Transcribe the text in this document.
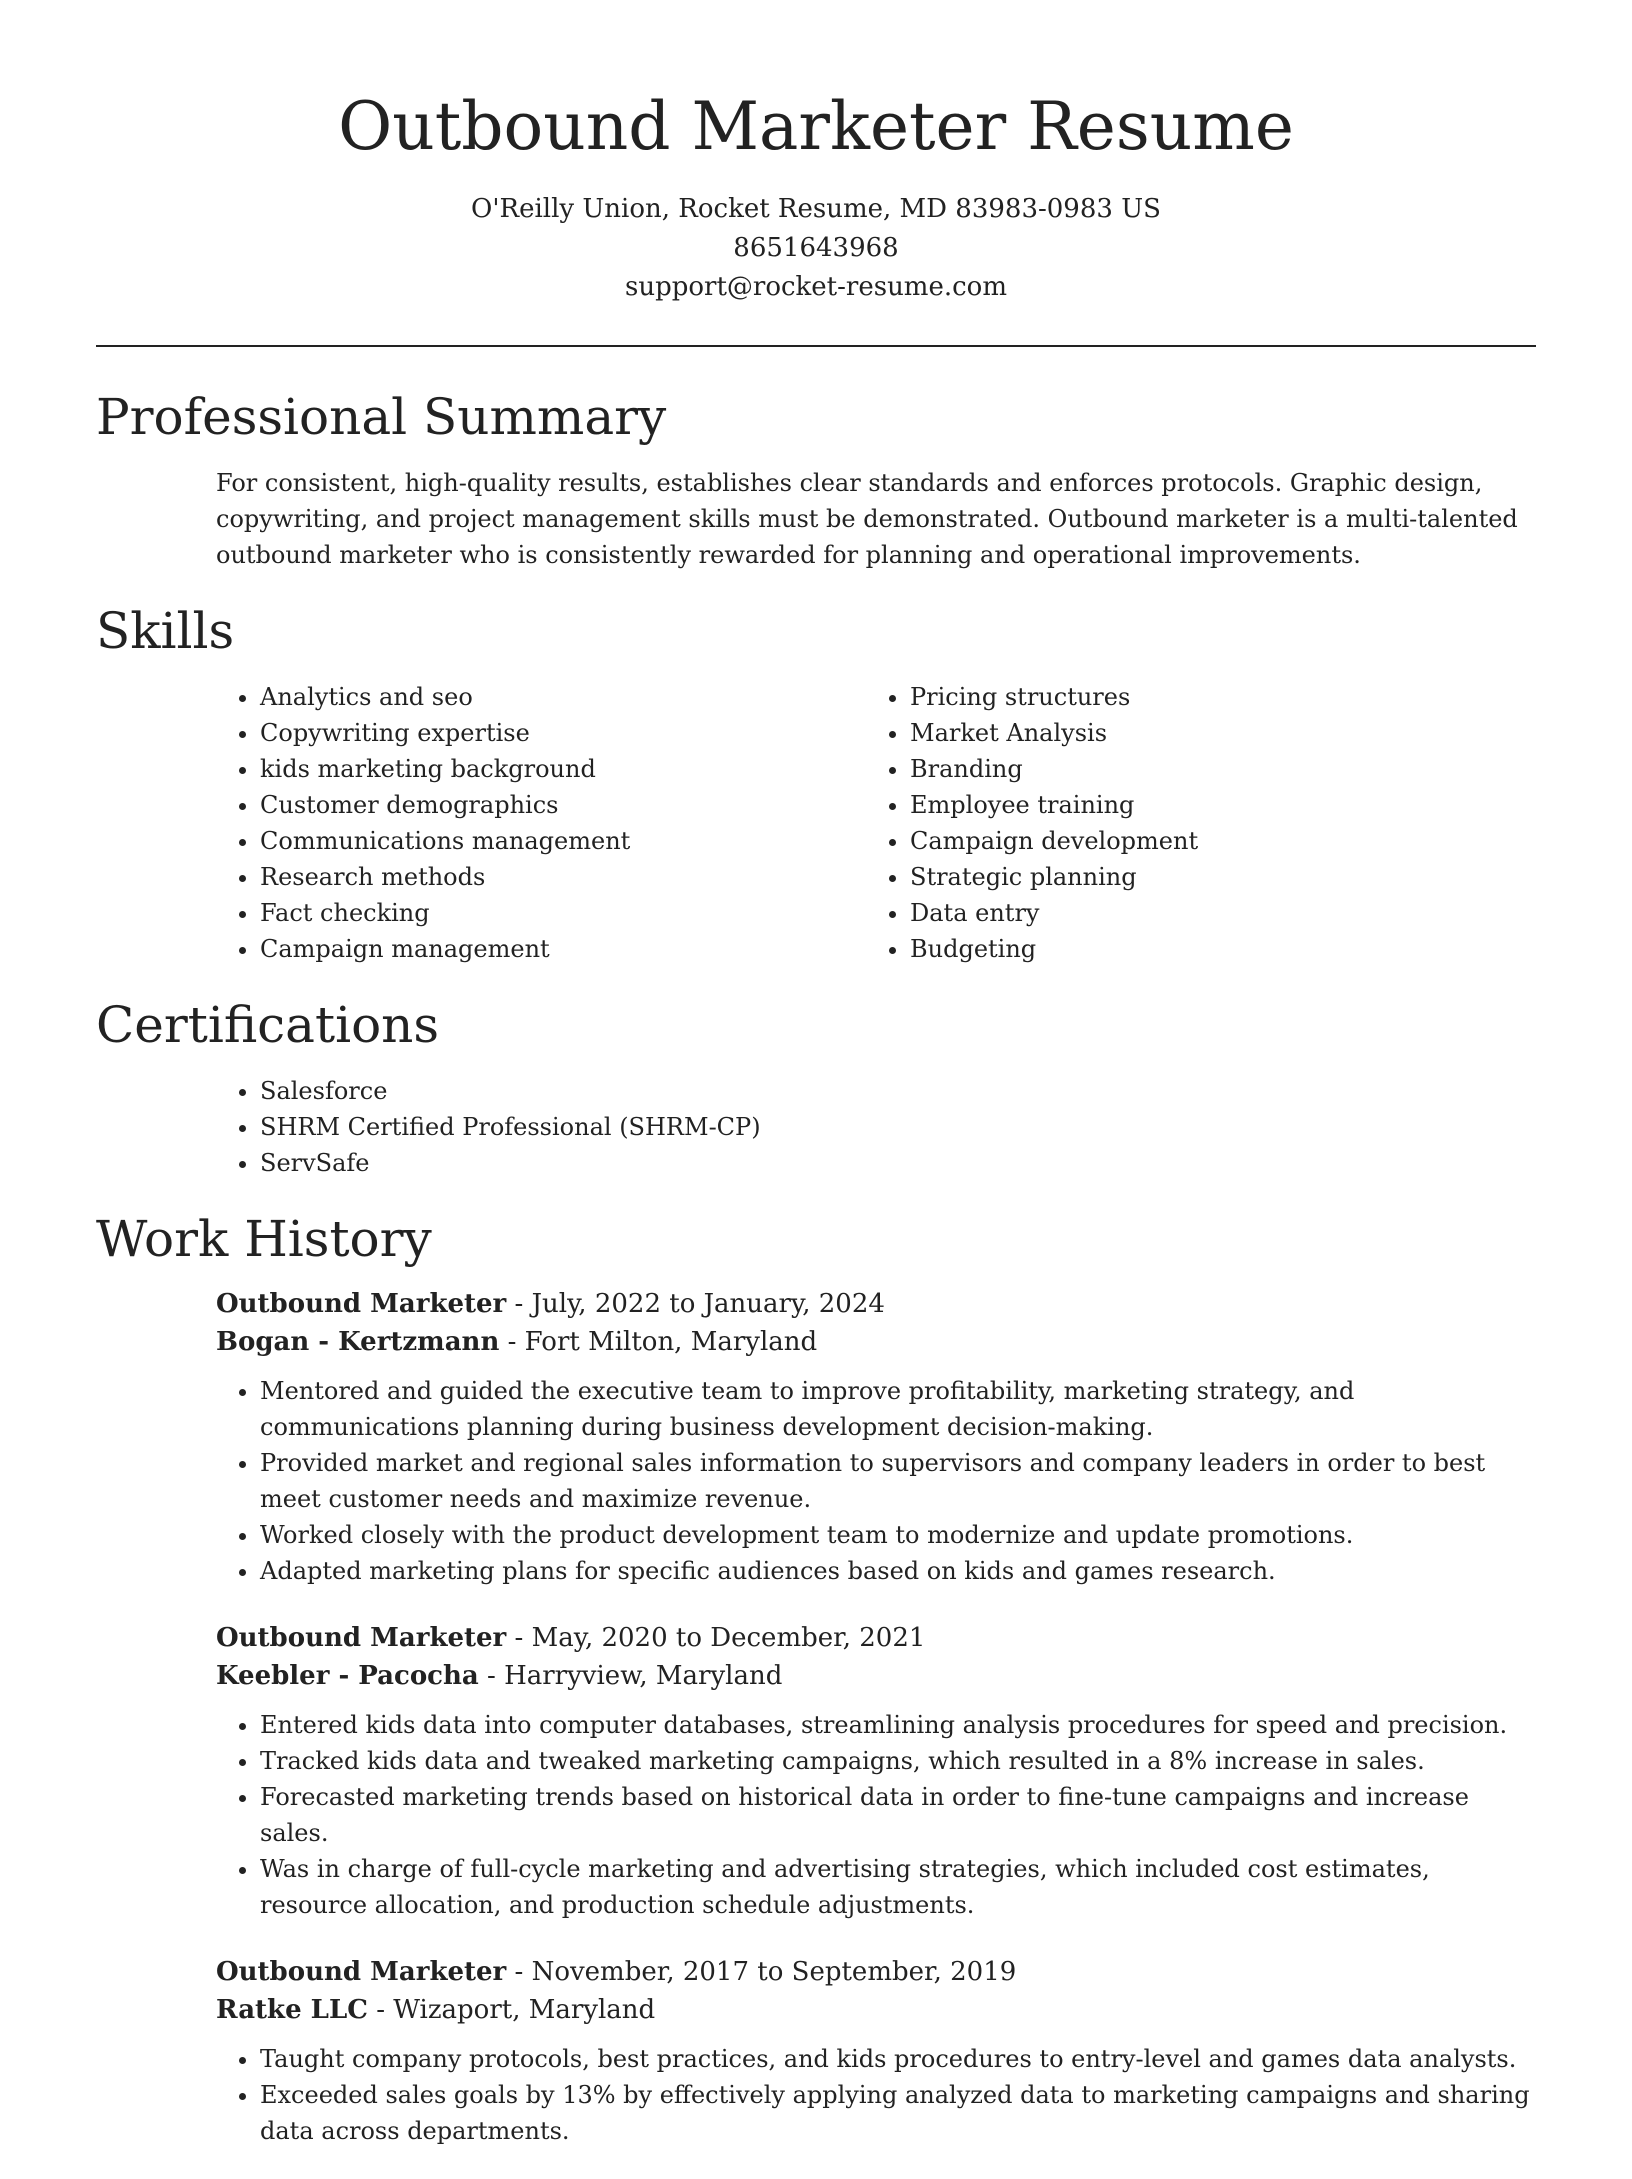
Outbound Marketer Resume
O'Reilly Union, Rocket Resume, MD 83983-0983 US
8651643968
support@rocket-resume.com
Professional Summary

For consistent, high-quality results, establishes clear standards and enforces protocols. Graphic design, copywriting, and project management skills must be demonstrated. Outbound marketer is a multi-talented outbound marketer who is consistently rewarded for planning and operational improvements.

Skills
• Analytics and seo
• Copywriting expertise
• kids marketing background
• Customer demographics
• Communications management
• Research methods
• Fact checking
• Campaign management
• Pricing structures
• Market Analysis
• Branding
• Employee training
• Campaign development
• Strategic planning
• Data entry
• Budgeting
Certifications
• Salesforce
• SHRM Certified Professional (SHRM-CP)
• ServSafe
Work History
Outbound Marketer - July, 2022 to January, 2024
Bogan - Kertzmann - Fort Milton, Maryland
• Mentored and guided the executive team to improve profitability, marketing strategy, and communications planning during business development decision-making.
• Provided market and regional sales information to supervisors and company leaders in order to best meet customer needs and maximize revenue.
• Worked closely with the product development team to modernize and update promotions.
• Adapted marketing plans for specific audiences based on kids and games research.
Outbound Marketer - May, 2020 to December, 2021
Keebler - Pacocha - Harryview, Maryland
• Entered kids data into computer databases, streamlining analysis procedures for speed and precision.
• Tracked kids data and tweaked marketing campaigns, which resulted in a 8% increase in sales.
• Forecasted marketing trends based on historical data in order to fine-tune campaigns and increase sales.
• Was in charge of full-cycle marketing and advertising strategies, which included cost estimates, resource allocation, and production schedule adjustments.
Outbound Marketer - November, 2017 to September, 2019
Ratke LLC - Wizaport, Maryland
• Taught company protocols, best practices, and kids procedures to entry-level and games data analysts.
• Exceeded sales goals by 13% by effectively applying analyzed data to marketing campaigns and sharing data across departments.
